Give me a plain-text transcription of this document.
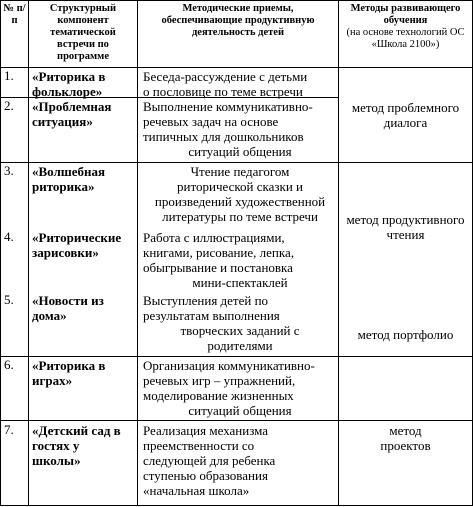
№ п/п
Структурный
компонент
тематической
встречи по
программе
Методические приемы,
обеспечивающие продуктивную
деятельность детей
Методы развивающего
обучения
(на основе технологий ОС
«Школа 2100»)
1. «Риторика в
фольклоре»
Беседа-рассуждение с детьми
о пословице по теме встречи
2. «Проблемная
ситуация»
Выполнение коммуникативно-
речевых задач на основе
типичных для дошкольников
ситуаций общения
метод проблемного
диалога
3. «Волшебная
риторика»
Чтение педагогом
риторической сказки и
произведений художественной
литературы по теме встречи	метод продуктивного
чтения
4. «Риторические
зарисовки»
Работа с иллюстрациями,
книгами, рисование, лепка,
обыгрывание и постановка
мини-спектаклей
5. «Новости из
дома»
Выступления детей по
результатам выполнения
творческих заданий с
родителями
метод портфолио
6. «Риторика в
играх»
Организация коммуникативно-
речевых игр – упражнений,
моделирование жизненных
ситуаций общения
7. «Детский сад в
гостях у
школы»
Реализация механизма
преемственности со
следующей для ребенка
ступенью образования
«начальная школа»
метод
проектов
